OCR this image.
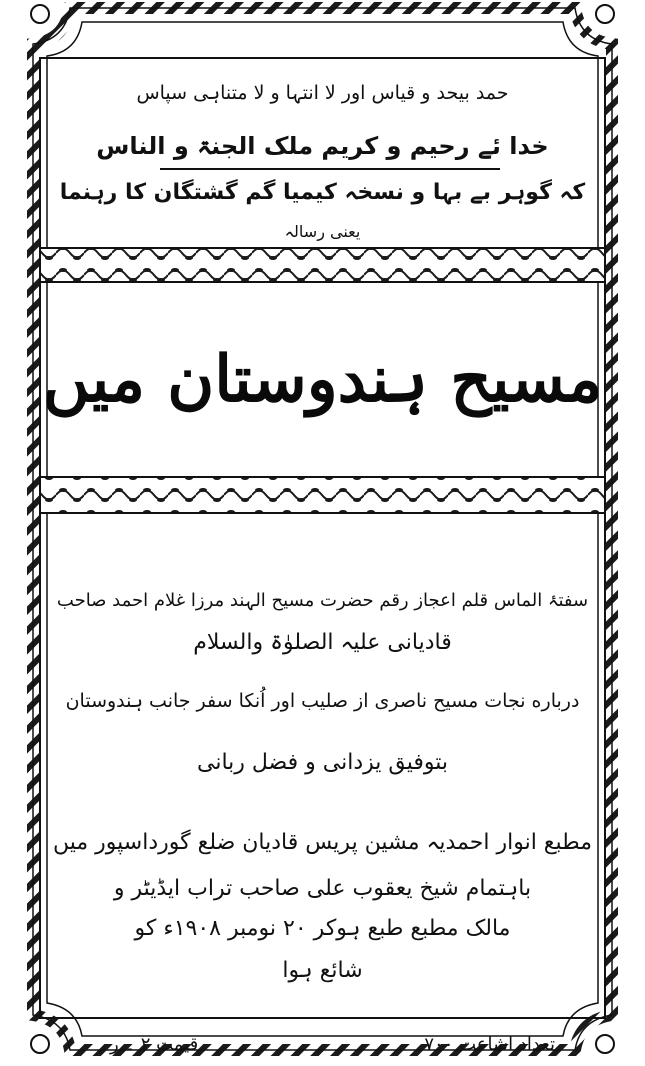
حمد بیحد و قیاس اور لا انتہا و لا متناہی سپاس
خدا ئے رحیم و کریم ملک الجنۃ و الناس
کہ گوہر بے بہا و نسخہ کیمیا گم گشتگان کا رہنما
یعنی رسالہ
مسیح ہندوستان میں
سفتۂ الماس قلم اعجاز رقم حضرت مسیح الہند مرزا غلام احمد صاحب
قادیانی علیہ الصلوٰۃ والسلام
درباره نجات مسیح ناصری از صلیب اور اُنکا سفر جانب ہندوستان
بتوفیق یزدانی و فضل ربانی
مطبع انوار احمدیہ مشین پریس قادیان ضلع گورداسپور میں
باہتمام شیخ یعقوب علی صاحب تراب ایڈیٹر و
مالک مطبع طبع ہوکر ۲۰ نومبر ۱۹۰۸ء کو
شائع ہوا
تعداد اشاعت ۷۰۰
قیمت ۲ ۔ ر
